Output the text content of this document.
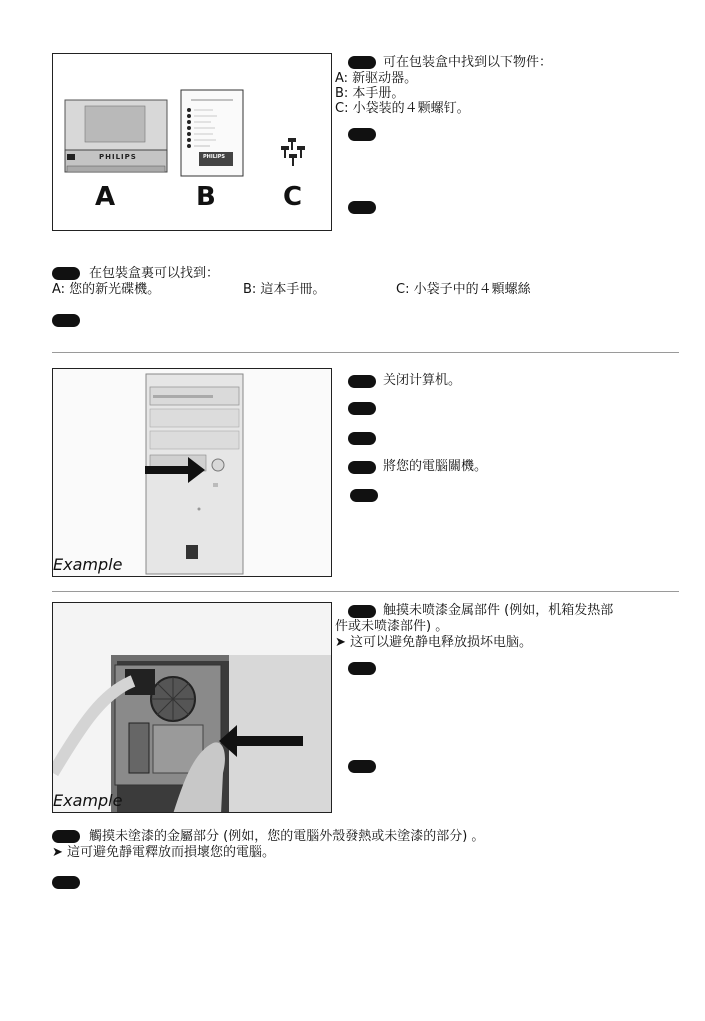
PHILIPS	PHILIPS
A	B	C
可在包装盒中找到以下物件：
A: 新驱动器。
B: 本手册。
C: 小袋装的４颗螺钉。
在包裝盒裏可以找到：
A: 您的新光碟機。	B: 這本手冊。	C: 小袋子中的４顆螺絲
Example
关闭计算机。
將您的電腦關機。
Example
触摸未喷漆金属部件 (例如，机箱发热部
件或未喷漆部件) 。
➤ 这可以避免静电释放损坏电脑。
觸摸未塗漆的金屬部分 (例如，您的電腦外殼發熱或未塗漆的部分) 。
➤ 這可避免靜電釋放而損壞您的電腦。
